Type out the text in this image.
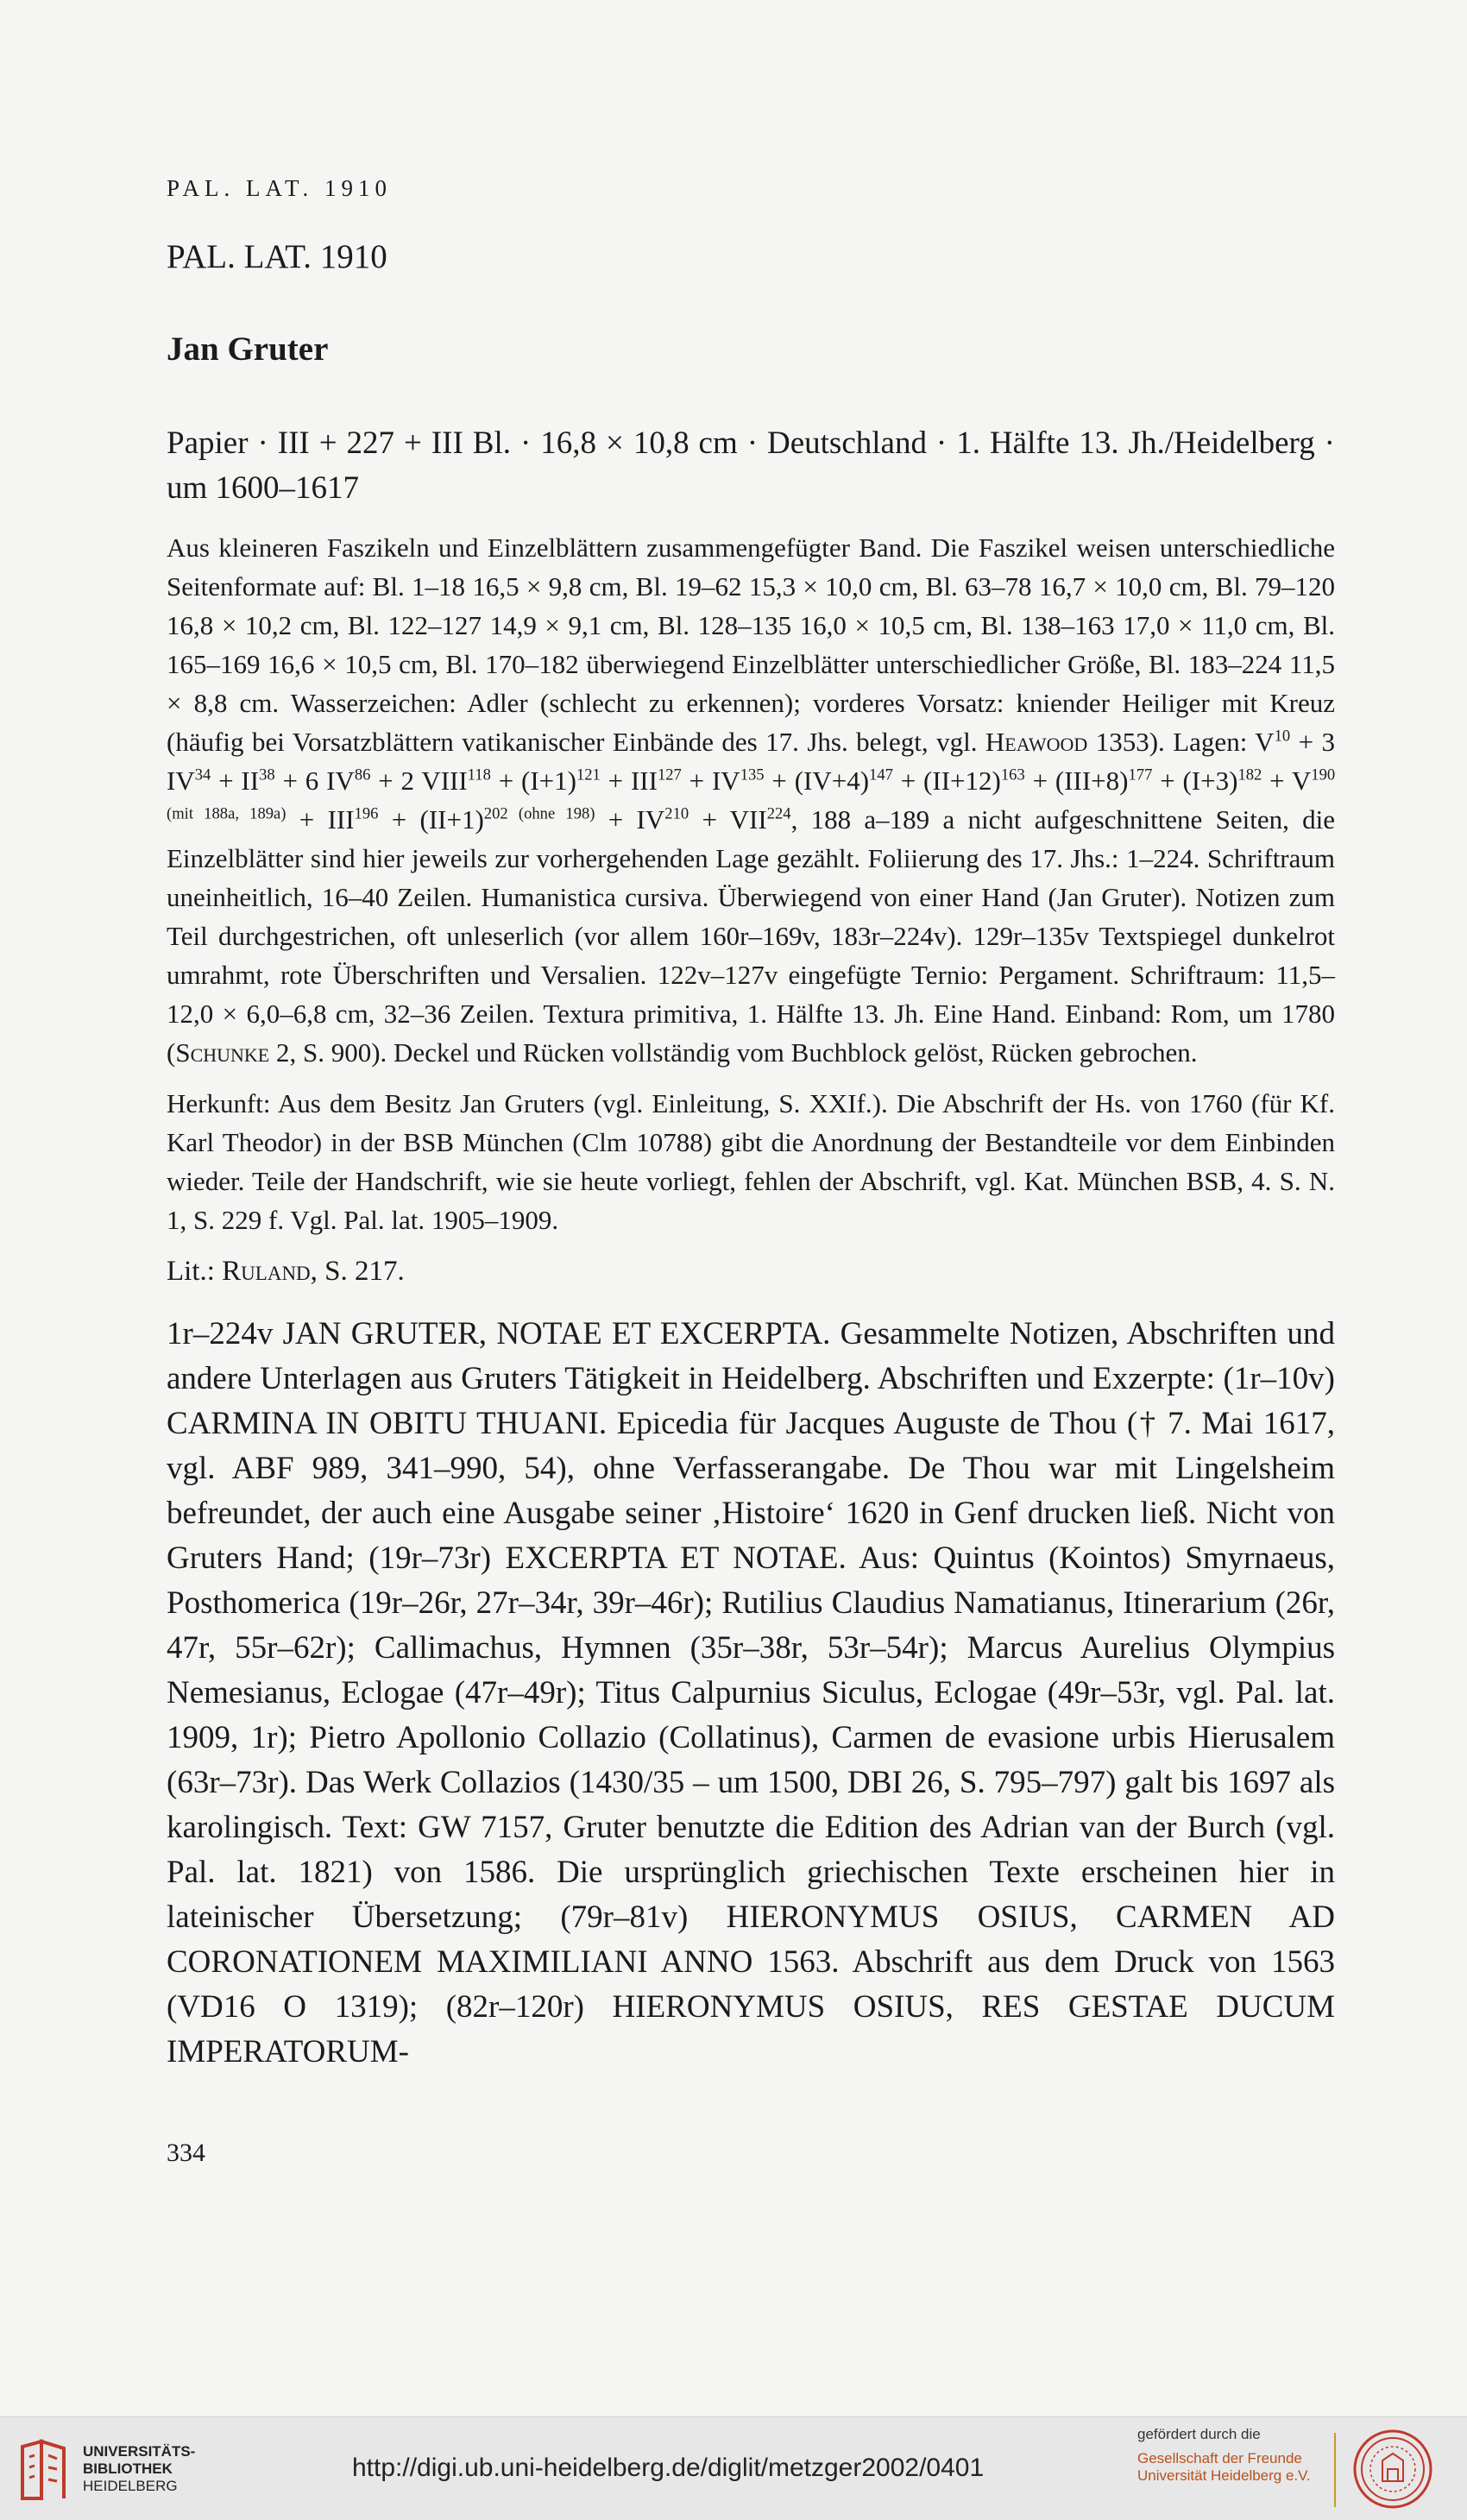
PAL. LAT. 1910
PAL. LAT. 1910
Jan Gruter

Papier · III + 227 + III Bl. · 16,8 × 10,8 cm · Deutschland · 1. Hälfte 13. Jh./Heidelberg · um 1600–1617

Aus kleineren Faszikeln und Einzelblättern zusammengefügter Band. Die Faszikel weisen unterschiedliche Seitenformate auf: Bl. 1–18 16,5 × 9,8 cm, Bl. 19–62 15,3 × 10,0 cm, Bl. 63–78 16,7 × 10,0 cm, Bl. 79–120 16,8 × 10,2 cm, Bl. 122–127 14,9 × 9,1 cm, Bl. 128–135 16,0 × 10,5 cm, Bl. 138–163 17,0 × 11,0 cm, Bl. 165–169 16,6 × 10,5 cm, Bl. 170–182 überwiegend Einzelblätter unterschiedlicher Größe, Bl. 183–224 11,5 × 8,8 cm. Wasserzeichen: Adler (schlecht zu erkennen); vorderes Vorsatz: kniender Heiliger mit Kreuz (häufig bei Vorsatzblättern vatikanischer Einbände des 17. Jhs. belegt, vgl. Heawood 1353). Lagen: $V^{10} + 3$ $IV^{34} + II^{38} + 6$ $IV^{86} + 2$ $VIII^{118} + (I+1)^{121} + III^{127} + IV^{135} + (IV+4)^{147} + (II+12)^{163} + (III+8)^{177} + (I+3)^{182} + V^{190 (mit 188a, 189a)} + III^{196} + (II+1)^{202 (ohne 198)} + IV^{210} + VII^{224}$, 188 a–189 a nicht aufgeschnittene Seiten, die Einzelblätter sind hier jeweils zur vorhergehenden Lage gezählt. Foliierung des 17. Jhs.: 1–224. Schriftraum uneinheitlich, 16–40 Zeilen. Humanistica cursiva. Überwiegend von einer Hand (Jan Gruter). Notizen zum Teil durchgestrichen, oft unleserlich (vor allem 160r–169v, 183r–224v). 129r–135v Textspiegel dunkelrot umrahmt, rote Überschriften und Versalien. 122v–127v eingefügte Ternio: Pergament. Schriftraum: 11,5–12,0 × 6,0–6,8 cm, 32–36 Zeilen. Textura primitiva, 1. Hälfte 13. Jh. Eine Hand. Einband: Rom, um 1780 (Schunke 2, S. 900). Deckel und Rücken vollständig vom Buchblock gelöst, Rücken gebrochen.

Herkunft: Aus dem Besitz Jan Gruters (vgl. Einleitung, S. XXIf.). Die Abschrift der Hs. von 1760 (für Kf. Karl Theodor) in der BSB München (Clm 10788) gibt die Anordnung der Bestandteile vor dem Einbinden wieder. Teile der Handschrift, wie sie heute vorliegt, fehlen der Abschrift, vgl. Kat. München BSB, 4. S. N. 1, S. 229 f. Vgl. Pal. lat. 1905–1909.

Lit.: Ruland, S. 217.

1r–224v JAN GRUTER, NOTAE ET EXCERPTA. Gesammelte Notizen, Abschriften und andere Unterlagen aus Gruters Tätigkeit in Heidelberg. Abschriften und Exzerpte: (1r–10v) CARMINA IN OBITU THUANI. Epicedia für Jacques Auguste de Thou († 7. Mai 1617, vgl. ABF 989, 341–990, 54), ohne Verfasserangabe. De Thou war mit Lingelsheim befreundet, der auch eine Ausgabe seiner ‚Histoire‘ 1620 in Genf drucken ließ. Nicht von Gruters Hand; (19r–73r) EXCERPTA ET NOTAE. Aus: Quintus (Kointos) Smyrnaeus, Posthomerica (19r–26r, 27r–34r, 39r–46r); Rutilius Claudius Namatianus, Itinerarium (26r, 47r, 55r–62r); Callimachus, Hymnen (35r–38r, 53r–54r); Marcus Aurelius Olympius Nemesianus, Eclogae (47r–49r); Titus Calpurnius Siculus, Eclogae (49r–53r, vgl. Pal. lat. 1909, 1r); Pietro Apollonio Collazio (Collatinus), Carmen de evasione urbis Hierusalem (63r–73r). Das Werk Collazios (1430/35 – um 1500, DBI 26, S. 795–797) galt bis 1697 als karolingisch. Text: GW 7157, Gruter benutzte die Edition des Adrian van der Burch (vgl. Pal. lat. 1821) von 1586. Die ursprünglich griechischen Texte erscheinen hier in lateinischer Übersetzung; (79r–81v) HIERONYMUS OSIUS, CARMEN AD CORONATIONEM MAXIMILIANI ANNO 1563. Abschrift aus dem Druck von 1563 (VD16 O 1319); (82r–120r) HIERONYMUS OSIUS, RES GESTAE DUCUM IMPERATORUM-

334
UNIVERSITÄTS-
BIBLIOTHEK
HEIDELBERG
http://digi.ub.uni-heidelberg.de/diglit/metzger2002/0401
gefördert durch die
Gesellschaft der Freunde
Universität Heidelberg e.V.
